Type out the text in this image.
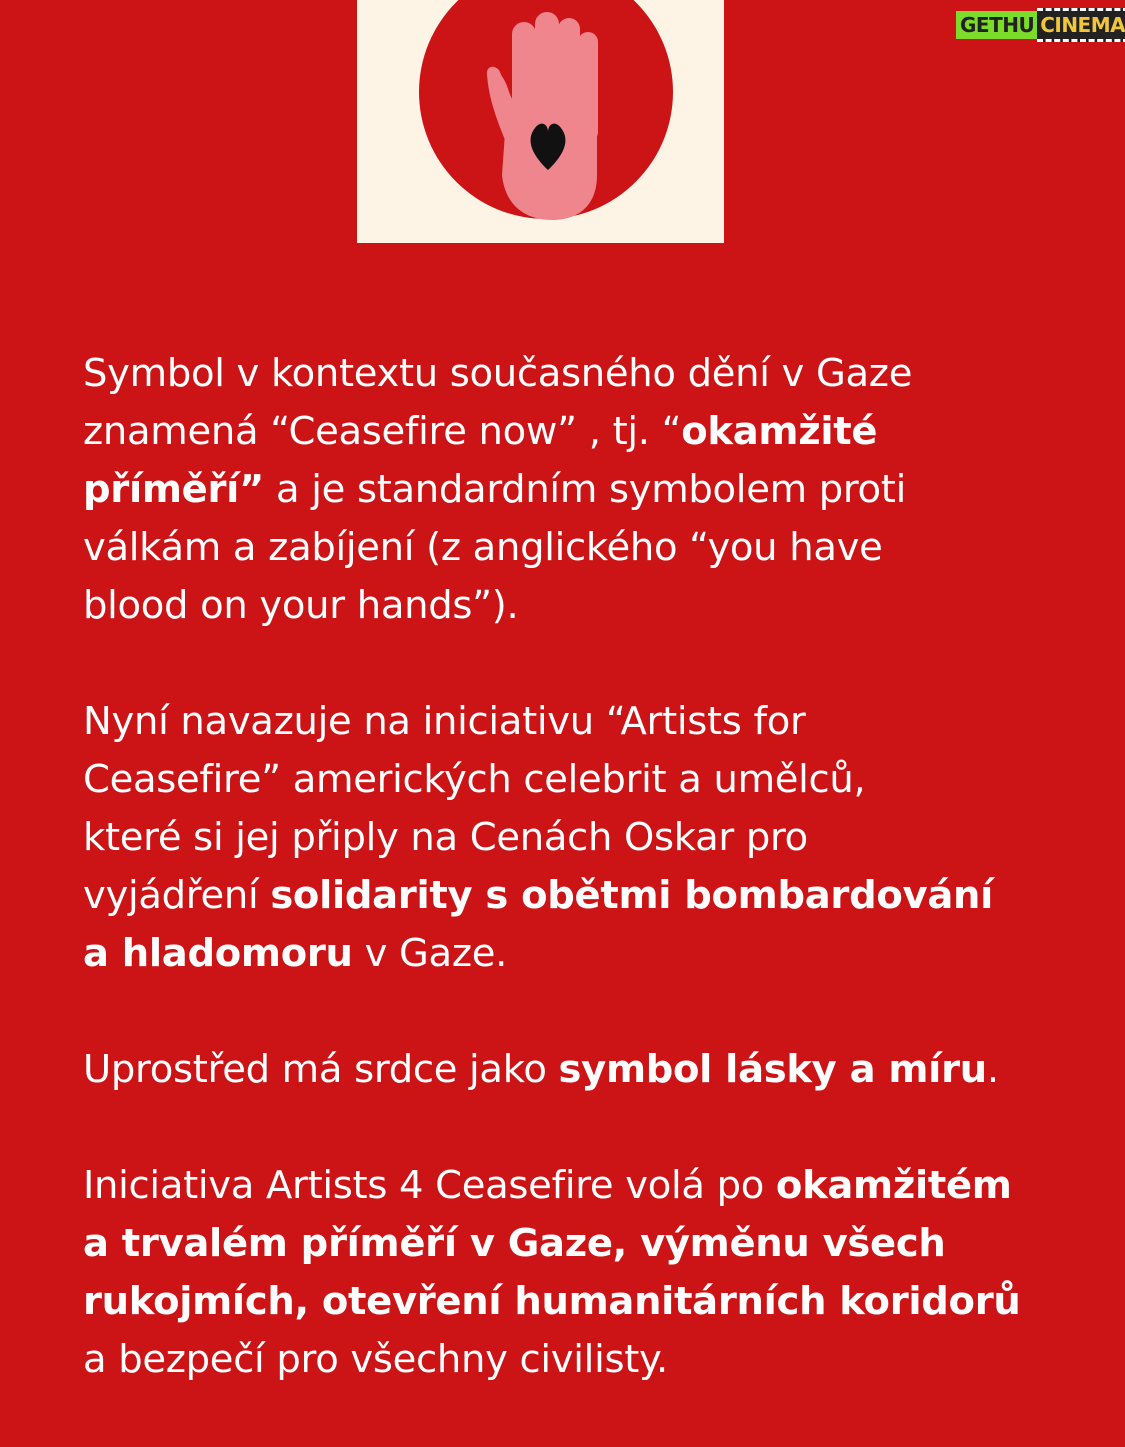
GETHU CINEMA

Symbol v kontextu současného dění v Gaze
znamená “Ceasefire now” , tj. “okamžité
příměří” a je standardním symbolem proti
válkám a zabíjení (z anglického “you have
blood on your hands”).

Nyní navazuje na iniciativu “Artists for
Ceasefire” amerických celebrit a umělců,
které si jej připly na Cenách Oskar pro
vyjádření solidarity s obětmi bombardování
a hladomoru v Gaze.

Uprostřed má srdce jako symbol lásky a míru.

Iniciativa Artists 4 Ceasefire volá po okamžitém
a trvalém příměří v Gaze, výměnu všech
rukojmích, otevření humanitárních koridorů
a bezpečí pro všechny civilisty.
